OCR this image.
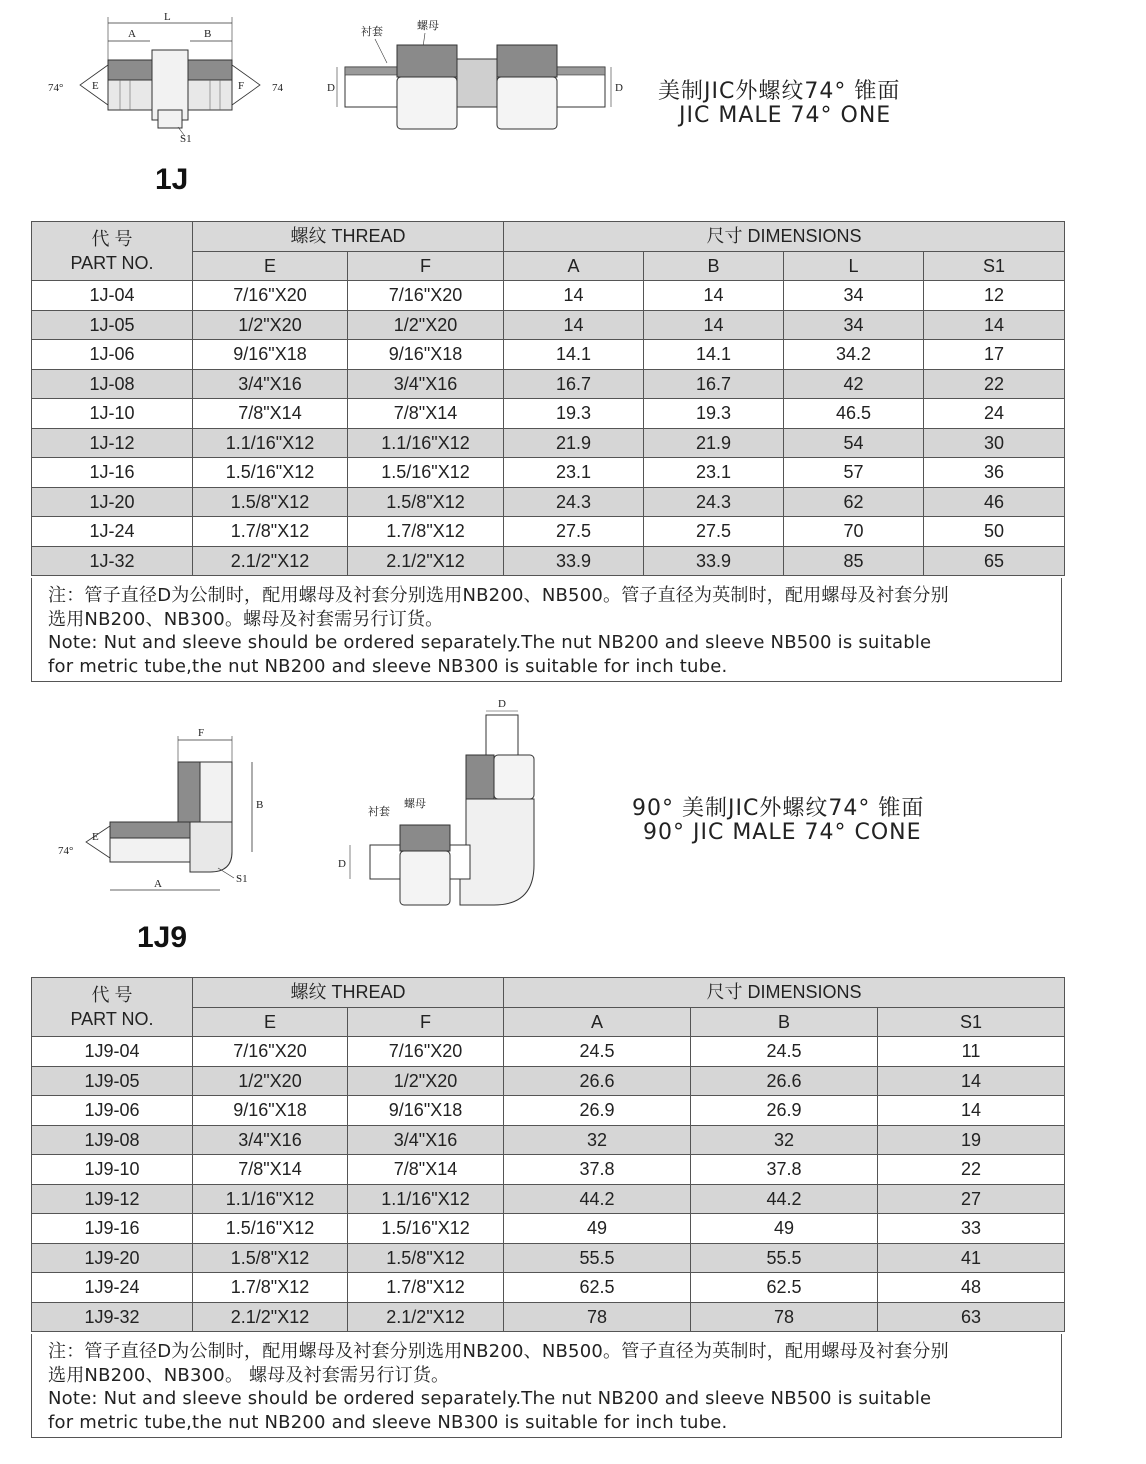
L
A	B
74°	74
E	F
S1
衬套	螺母
D	D 美制JIC外螺纹74° 锥面
JIC MALE 74° ONE
1J
代 号
PART NO.	螺纹 THREAD		尺寸 DIMENSIONS			
	E	F	A	B	L	S1
1J-04	7/16"X20	7/16"X20	14	14	34	12
1J-05	1/2"X20	1/2"X20	14	14	34	14
1J-06	9/16"X18	9/16"X18	14.1	14.1	34.2	17
1J-08	3/4"X16	3/4"X16	16.7	16.7	42	22
1J-10	7/8"X14	7/8"X14	19.3	19.3	46.5	24
1J-12	1.1/16"X12	1.1/16"X12	21.9	21.9	54	30
1J-16	1.5/16"X12	1.5/16"X12	23.1	23.1	57	36
1J-20	1.5/8"X12	1.5/8"X12	24.3	24.3	62	46
1J-24	1.7/8"X12	1.7/8"X12	27.5	27.5	70	50
1J-32	2.1/2"X12	2.1/2"X12	33.9	33.9	85	65
注：管子直径D为公制时，配用螺母及衬套分别选用NB200、NB500。管子直径为英制时，配用螺母及衬套分别
选用NB200、NB300。螺母及衬套需另行订货。
Note: Nut and sleeve should be ordered separately.The nut NB200 and sleeve NB500 is suitable
for metric tube,the nut NB200 and sleeve NB300 is suitable for inch tube.
F
B
A
74°
E
S1
D
衬套
螺母
D
90° 美制JIC外螺纹74° 锥面
90° JIC MALE 74° CONE
1J9
代 号
PART NO.	螺纹 THREAD		尺寸 DIMENSIONS		
	E	F	A	B	S1
1J9-04	7/16"X20	7/16"X20	24.5	24.5	11
1J9-05	1/2"X20	1/2"X20	26.6	26.6	14
1J9-06	9/16"X18	9/16"X18	26.9	26.9	14
1J9-08	3/4"X16	3/4"X16	32	32	19
1J9-10	7/8"X14	7/8"X14	37.8	37.8	22
1J9-12	1.1/16"X12	1.1/16"X12	44.2	44.2	27
1J9-16	1.5/16"X12	1.5/16"X12	49	49	33
1J9-20	1.5/8"X12	1.5/8"X12	55.5	55.5	41
1J9-24	1.7/8"X12	1.7/8"X12	62.5	62.5	48
1J9-32	2.1/2"X12	2.1/2"X12	78	78	63
注：管子直径D为公制时，配用螺母及衬套分别选用NB200、NB500。管子直径为英制时，配用螺母及衬套分别
选用NB200、NB300。 螺母及衬套需另行订货。
Note: Nut and sleeve should be ordered separately.The nut NB200 and sleeve NB500 is suitable
for metric tube,the nut NB200 and sleeve NB300 is suitable for inch tube.
